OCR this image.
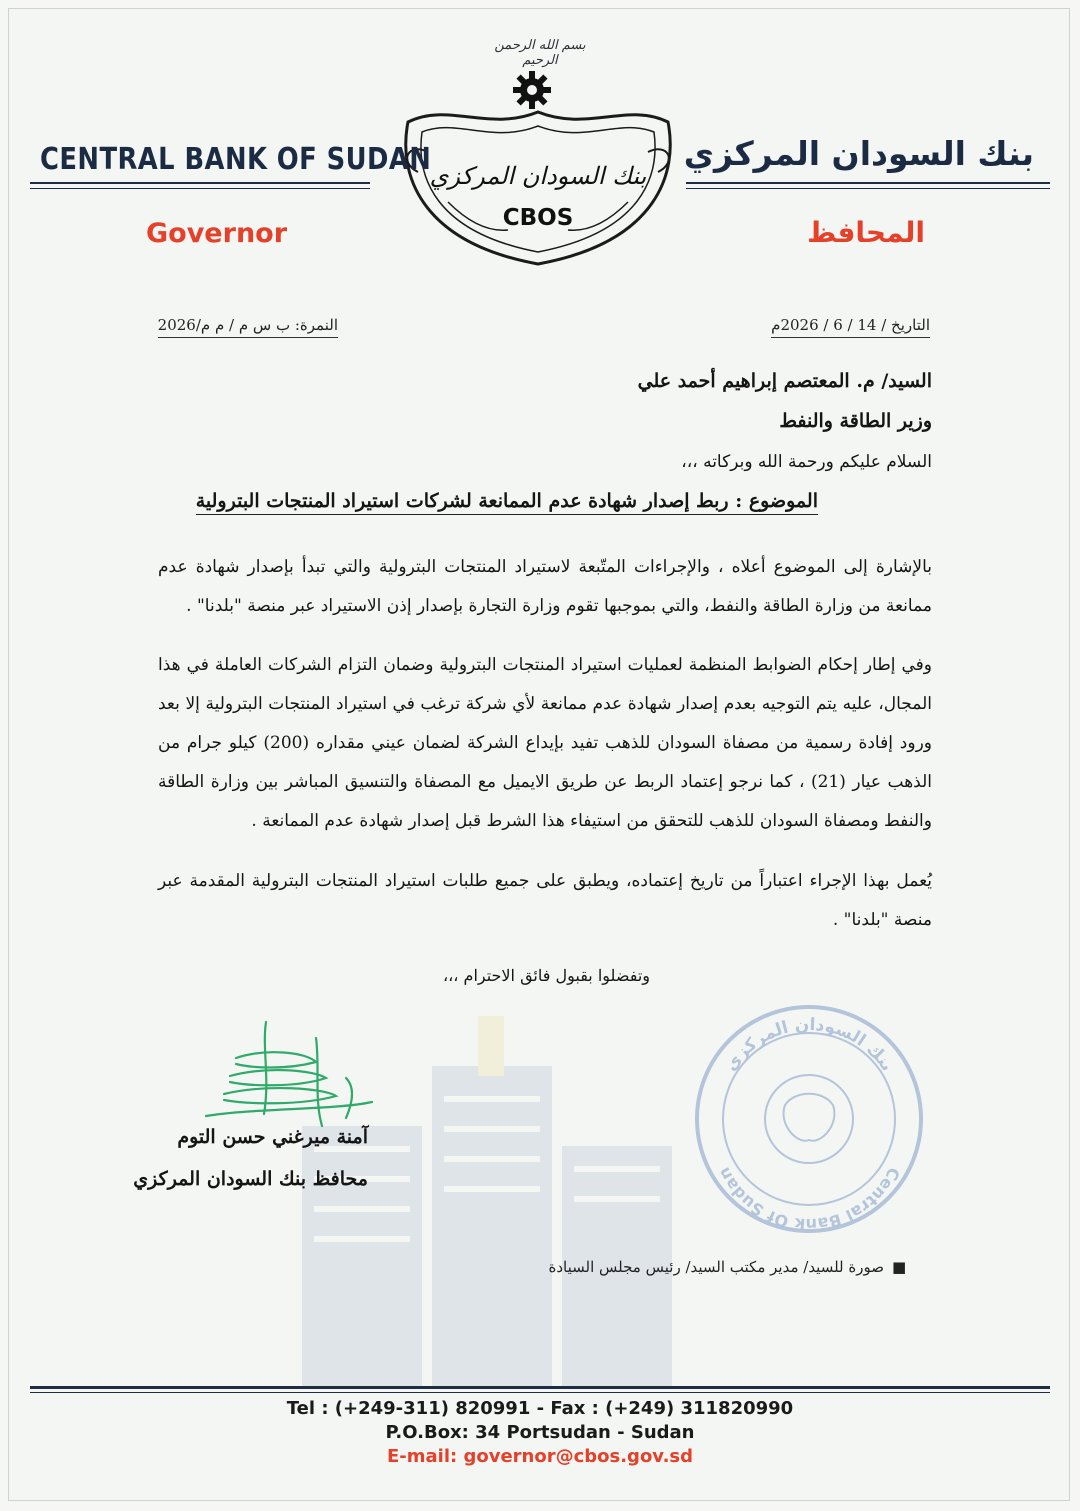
بسم الله الرحمن الرحيم
بنك السودان المركزي
CBOS
CENTRAL BANK OF SUDAN	بنك السودان المركزي
Governor	المحافظ
التاريخ / 14 / 6 / 2026م
النمرة: ب س م / م م/2026
السيد/ م. المعتصم إبراهيم أحمد علي
وزير الطاقة والنفط
السلام عليكم ورحمة الله وبركاته ،،،
الموضوع : ربط إصدار شهادة عدم الممانعة لشركات استيراد المنتجات البترولية
بالإشارة إلى الموضوع أعلاه ، والإجراءات المتّبعة لاستيراد المنتجات البترولية والتي تبدأ بإصدار شهادة عدم ممانعة من وزارة الطاقة والنفط، والتي بموجبها تقوم وزارة التجارة بإصدار إذن الاستيراد عبر منصة "بلدنا" .
وفي إطار إحكام الضوابط المنظمة لعمليات استيراد المنتجات البترولية وضمان التزام الشركات العاملة في هذا المجال، عليه يتم التوجيه بعدم إصدار شهادة عدم ممانعة لأي شركة ترغب في استيراد المنتجات البترولية إلا بعد ورود إفادة رسمية من مصفاة السودان للذهب تفيد بإيداع الشركة لضمان عيني مقداره (200) كيلو جرام من الذهب عيار (21) ، كما نرجو إعتماد الربط عن طريق الايميل مع المصفاة والتنسيق المباشر بين وزارة الطاقة والنفط ومصفاة السودان للذهب للتحقق من استيفاء هذا الشرط قبل إصدار شهادة عدم الممانعة .
يُعمل بهذا الإجراء اعتباراً من تاريخ إعتماده، ويطبق على جميع طلبات استيراد المنتجات البترولية المقدمة عبر منصة "بلدنا" .
وتفضلوا بقبول فائق الاحترام ،،،
بنك السودان المركزي
Central Bank Of Sudan
آمنة ميرغني حسن التوم
محافظ بنك السودان المركزي
■
صورة للسيد/ مدير مكتب السيد/ رئيس مجلس السيادة
Tel : (+249-311) 820991 - Fax : (+249) 311820990
P.O.Box: 34 Portsudan - Sudan
E-mail: governor@cbos.gov.sd
